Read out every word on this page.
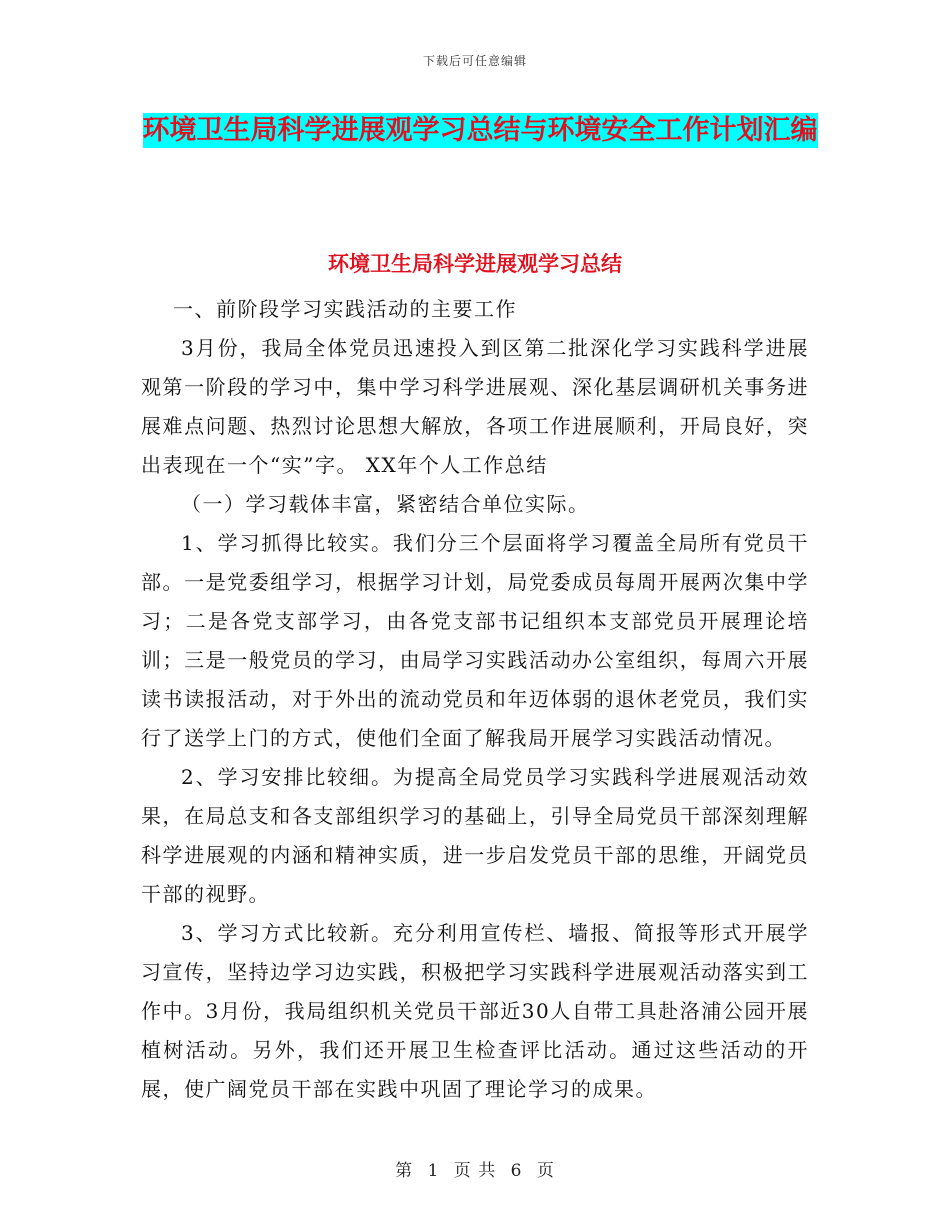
下载后可任意编辑
环境卫生局科学进展观学习总结与环境安全工作计划汇编
环境卫生局科学进展观学习总结

一、前阶段学习实践活动的主要工作

3月份，我局全体党员迅速投入到区第二批深化学习实践科学进展观第一阶段的学习中，集中学习科学进展观、深化基层调研机关事务进展难点问题、热烈讨论思想大解放，各项工作进展顺利，开局良好，突出表现在一个“实”字。 XX年个人工作总结

（一）学习载体丰富，紧密结合单位实际。

1、学习抓得比较实。我们分三个层面将学习覆盖全局所有党员干部。一是党委组学习，根据学习计划，局党委成员每周开展两次集中学习；二是各党支部学习，由各党支部书记组织本支部党员开展理论培训；三是一般党员的学习，由局学习实践活动办公室组织，每周六开展读书读报活动，对于外出的流动党员和年迈体弱的退休老党员，我们实行了送学上门的方式，使他们全面了解我局开展学习实践活动情况。

2、学习安排比较细。为提高全局党员学习实践科学进展观活动效果，在局总支和各支部组织学习的基础上，引导全局党员干部深刻理解科学进展观的内涵和精神实质，进一步启发党员干部的思维，开阔党员干部的视野。

3、学习方式比较新。充分利用宣传栏、墙报、简报等形式开展学习宣传，坚持边学习边实践，积极把学习实践科学进展观活动落实到工作中。3月份，我局组织机关党员干部近30人自带工具赴洛浦公园开展植树活动。另外，我们还开展卫生检查评比活动。通过这些活动的开展，使广阔党员干部在实践中巩固了理论学习的成果。

第 1 页 共 6 页
